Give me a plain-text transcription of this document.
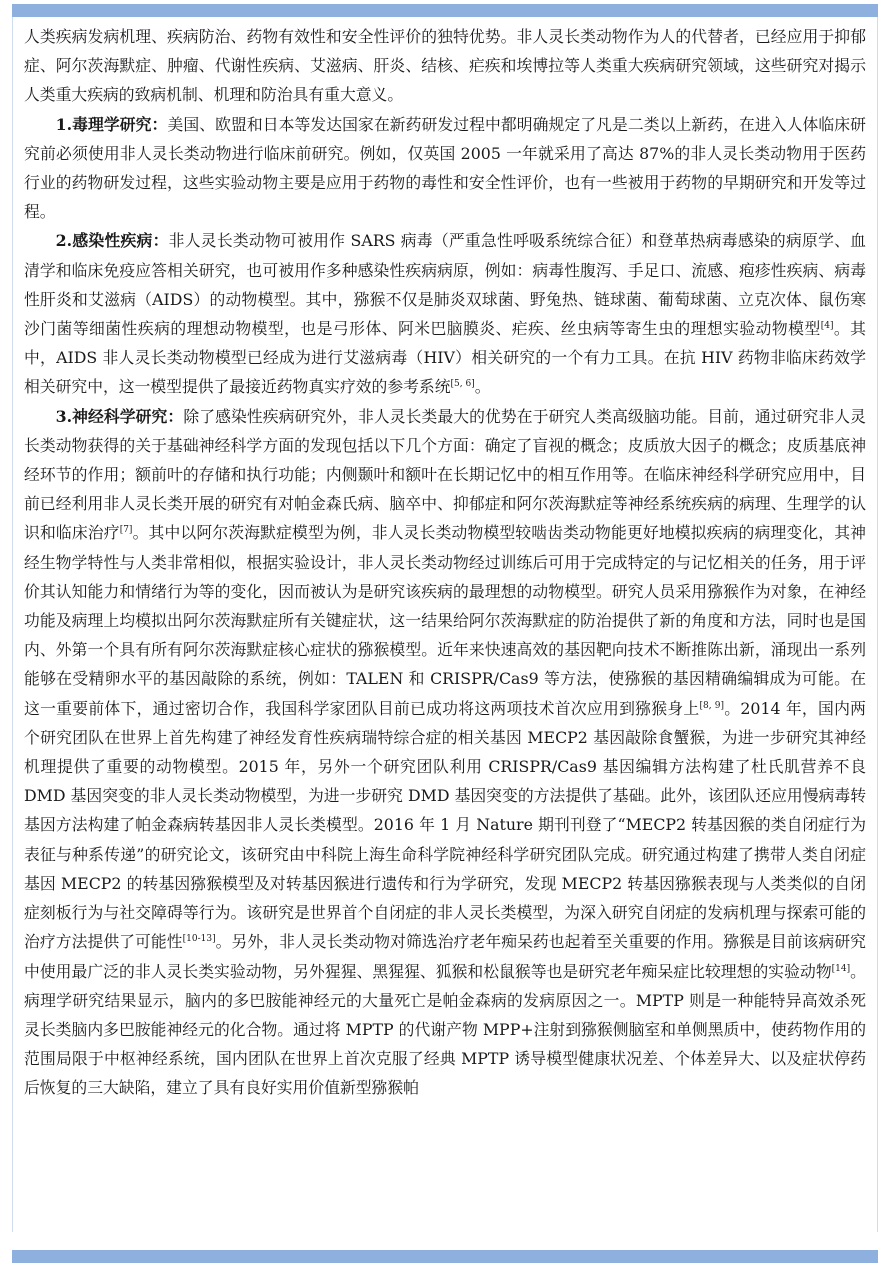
人类疾病发病机理、疾病防治、药物有效性和安全性评价的独特优势。非人灵长类动物作为人的代替者，已经应用于抑郁症、阿尔茨海默症、肿瘤、代谢性疾病、艾滋病、肝炎、结核、疟疾和埃博拉等人类重大疾病研究领域，这些研究对揭示人类重大疾病的致病机制、机理和防治具有重大意义。

1.毒理学研究：美国、欧盟和日本等发达国家在新药研发过程中都明确规定了凡是二类以上新药，在进入人体临床研究前必须使用非人灵长类动物进行临床前研究。例如，仅英国 2005 一年就采用了高达 87%的非人灵长类动物用于医药行业的药物研发过程，这些实验动物主要是应用于药物的毒性和安全性评价，也有一些被用于药物的早期研究和开发等过程。

2.感染性疾病：非人灵长类动物可被用作 SARS 病毒（严重急性呼吸系统综合征）和登革热病毒感染的病原学、血清学和临床免疫应答相关研究，也可被用作多种感染性疾病病原，例如：病毒性腹泻、手足口、流感、疱疹性疾病、病毒性肝炎和艾滋病（AIDS）的动物模型。其中，猕猴不仅是肺炎双球菌、野兔热、链球菌、葡萄球菌、立克次体、鼠伤寒沙门菌等细菌性疾病的理想动物模型，也是弓形体、阿米巴脑膜炎、疟疾、丝虫病等寄生虫的理想实验动物模型[4]。其中，AIDS 非人灵长类动物模型已经成为进行艾滋病毒（HIV）相关研究的一个有力工具。在抗 HIV 药物非临床药效学相关研究中，这一模型提供了最接近药物真实疗效的参考系统[5, 6]。

3.神经科学研究：除了感染性疾病研究外，非人灵长类最大的优势在于研究人类高级脑功能。目前，通过研究非人灵长类动物获得的关于基础神经科学方面的发现包括以下几个方面：确定了盲视的概念；皮质放大因子的概念；皮质基底神经环节的作用；额前叶的存储和执行功能；内侧颞叶和额叶在长期记忆中的相互作用等。在临床神经科学研究应用中，目前已经利用非人灵长类开展的研究有对帕金森氏病、脑卒中、抑郁症和阿尔茨海默症等神经系统疾病的病理、生理学的认识和临床治疗[7]。其中以阿尔茨海默症模型为例，非人灵长类动物模型较啮齿类动物能更好地模拟疾病的病理变化，其神经生物学特性与人类非常相似，根据实验设计，非人灵长类动物经过训练后可用于完成特定的与记忆相关的任务，用于评价其认知能力和情绪行为等的变化，因而被认为是研究该疾病的最理想的动物模型。研究人员采用猕猴作为对象，在神经功能及病理上均模拟出阿尔茨海默症所有关键症状，这一结果给阿尔茨海默症的防治提供了新的角度和方法，同时也是国内、外第一个具有所有阿尔茨海默症核心症状的猕猴模型。近年来快速高效的基因靶向技术不断推陈出新，涌现出一系列能够在受精卵水平的基因敲除的系统，例如：TALEN 和 CRISPR/Cas9 等方法，使猕猴的基因精确编辑成为可能。在这一重要前体下，通过密切合作，我国科学家团队目前已成功将这两项技术首次应用到猕猴身上[8, 9]。2014 年，国内两个研究团队在世界上首先构建了神经发育性疾病瑞特综合症的相关基因 MECP2 基因敲除食蟹猴，为进一步研究其神经机理提供了重要的动物模型。2015 年，另外一个研究团队利用 CRISPR/Cas9 基因编辑方法构建了杜氏肌营养不良 DMD 基因突变的非人灵长类动物模型，为进一步研究 DMD 基因突变的方法提供了基础。此外，该团队还应用慢病毒转基因方法构建了帕金森病转基因非人灵长类模型。2016 年 1 月 Nature 期刊刊登了“MECP2 转基因猴的类自闭症行为表征与种系传递”的研究论文，该研究由中科院上海生命科学院神经科学研究团队完成。研究通过构建了携带人类自闭症基因 MECP2 的转基因猕猴模型及对转基因猴进行遗传和行为学研究，发现 MECP2 转基因猕猴表现与人类类似的自闭症刻板行为与社交障碍等行为。该研究是世界首个自闭症的非人灵长类模型，为深入研究自闭症的发病机理与探索可能的治疗方法提供了可能性[10-13]。另外，非人灵长类动物对筛选治疗老年痴呆药也起着至关重要的作用。猕猴是目前该病研究中使用最广泛的非人灵长类实验动物，另外猩猩、黑猩猩、狐猴和松鼠猴等也是研究老年痴呆症比较理想的实验动物[14]。病理学研究结果显示，脑内的多巴胺能神经元的大量死亡是帕金森病的发病原因之一。MPTP 则是一种能特异高效杀死灵长类脑内多巴胺能神经元的化合物。通过将 MPTP 的代谢产物 MPP+注射到猕猴侧脑室和单侧黑质中，使药物作用的范围局限于中枢神经系统，国内团队在世界上首次克服了经典 MPTP 诱导模型健康状况差、个体差异大、以及症状停药后恢复的三大缺陷，建立了具有良好实用价值新型猕猴帕
